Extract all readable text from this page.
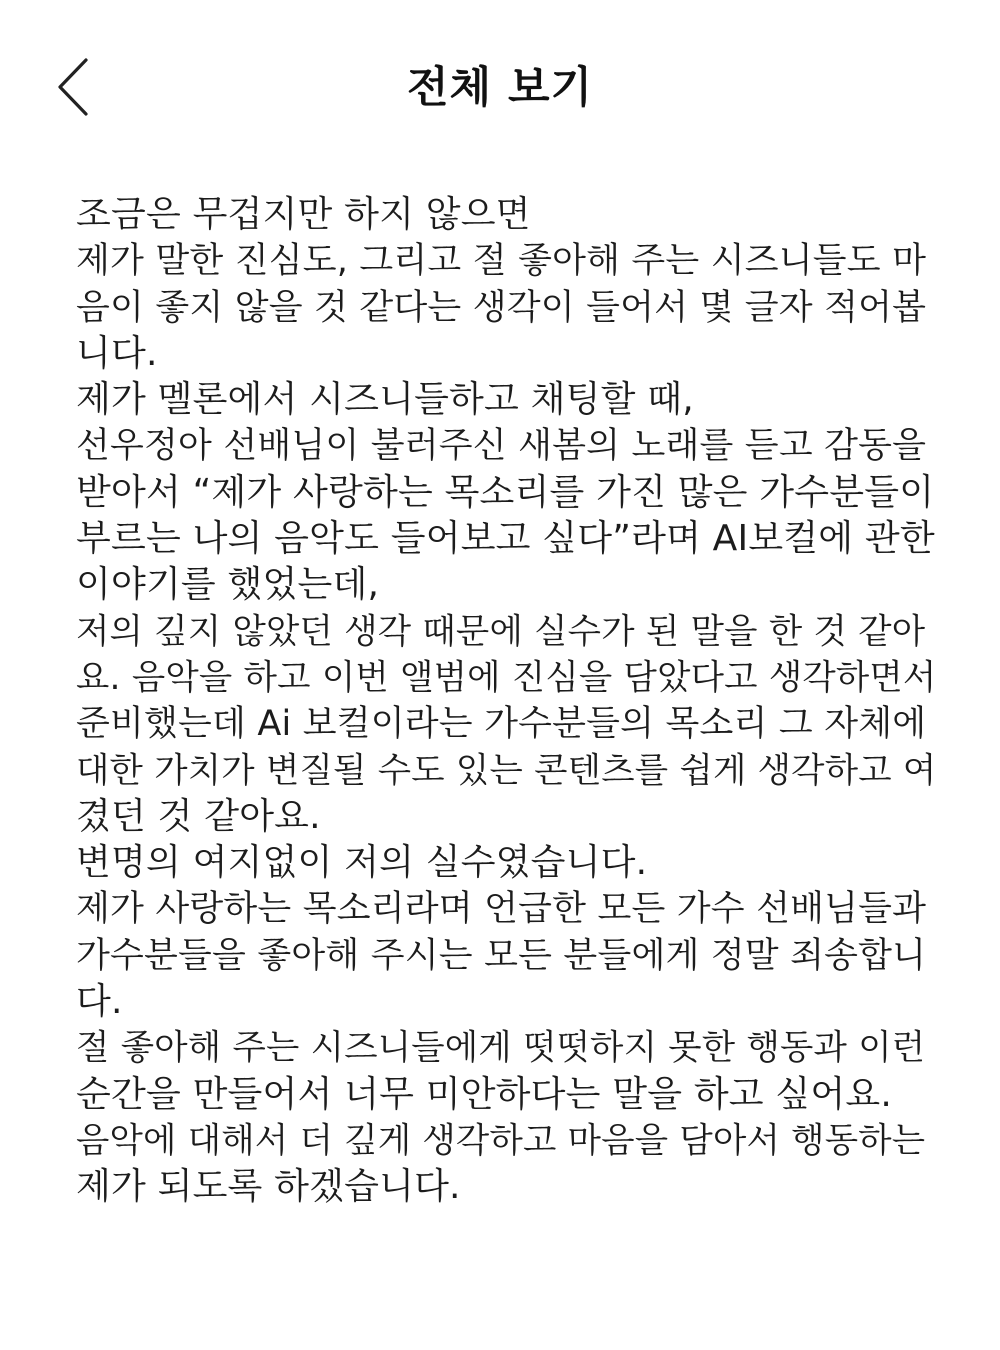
전체 보기
조금은 무겁지만 하지 않으면
제가 말한 진심도, 그리고 절 좋아해 주는 시즈니들도 마
음이 좋지 않을 것 같다는 생각이 들어서 몇 글자 적어봅
니다.
제가 멜론에서 시즈니들하고 채팅할 때,
선우정아 선배님이 불러주신 새봄의 노래를 듣고 감동을
받아서 “제가 사랑하는 목소리를 가진 많은 가수분들이
부르는 나의 음악도 들어보고 싶다”라며 AI보컬에 관한
이야기를 했었는데,
저의 깊지 않았던 생각 때문에 실수가 된 말을 한 것 같아
요. 음악을 하고 이번 앨범에 진심을 담았다고 생각하면서
준비했는데 Ai 보컬이라는 가수분들의 목소리 그 자체에
대한 가치가 변질될 수도 있는 콘텐츠를 쉽게 생각하고 여
겼던 것 같아요.
변명의 여지없이 저의 실수였습니다.
제가 사랑하는 목소리라며 언급한 모든 가수 선배님들과
가수분들을 좋아해 주시는 모든 분들에게 정말 죄송합니
다.
절 좋아해 주는 시즈니들에게 떳떳하지 못한 행동과 이런
순간을 만들어서 너무 미안하다는 말을 하고 싶어요.
음악에 대해서 더 깊게 생각하고 마음을 담아서 행동하는
제가 되도록 하겠습니다.
